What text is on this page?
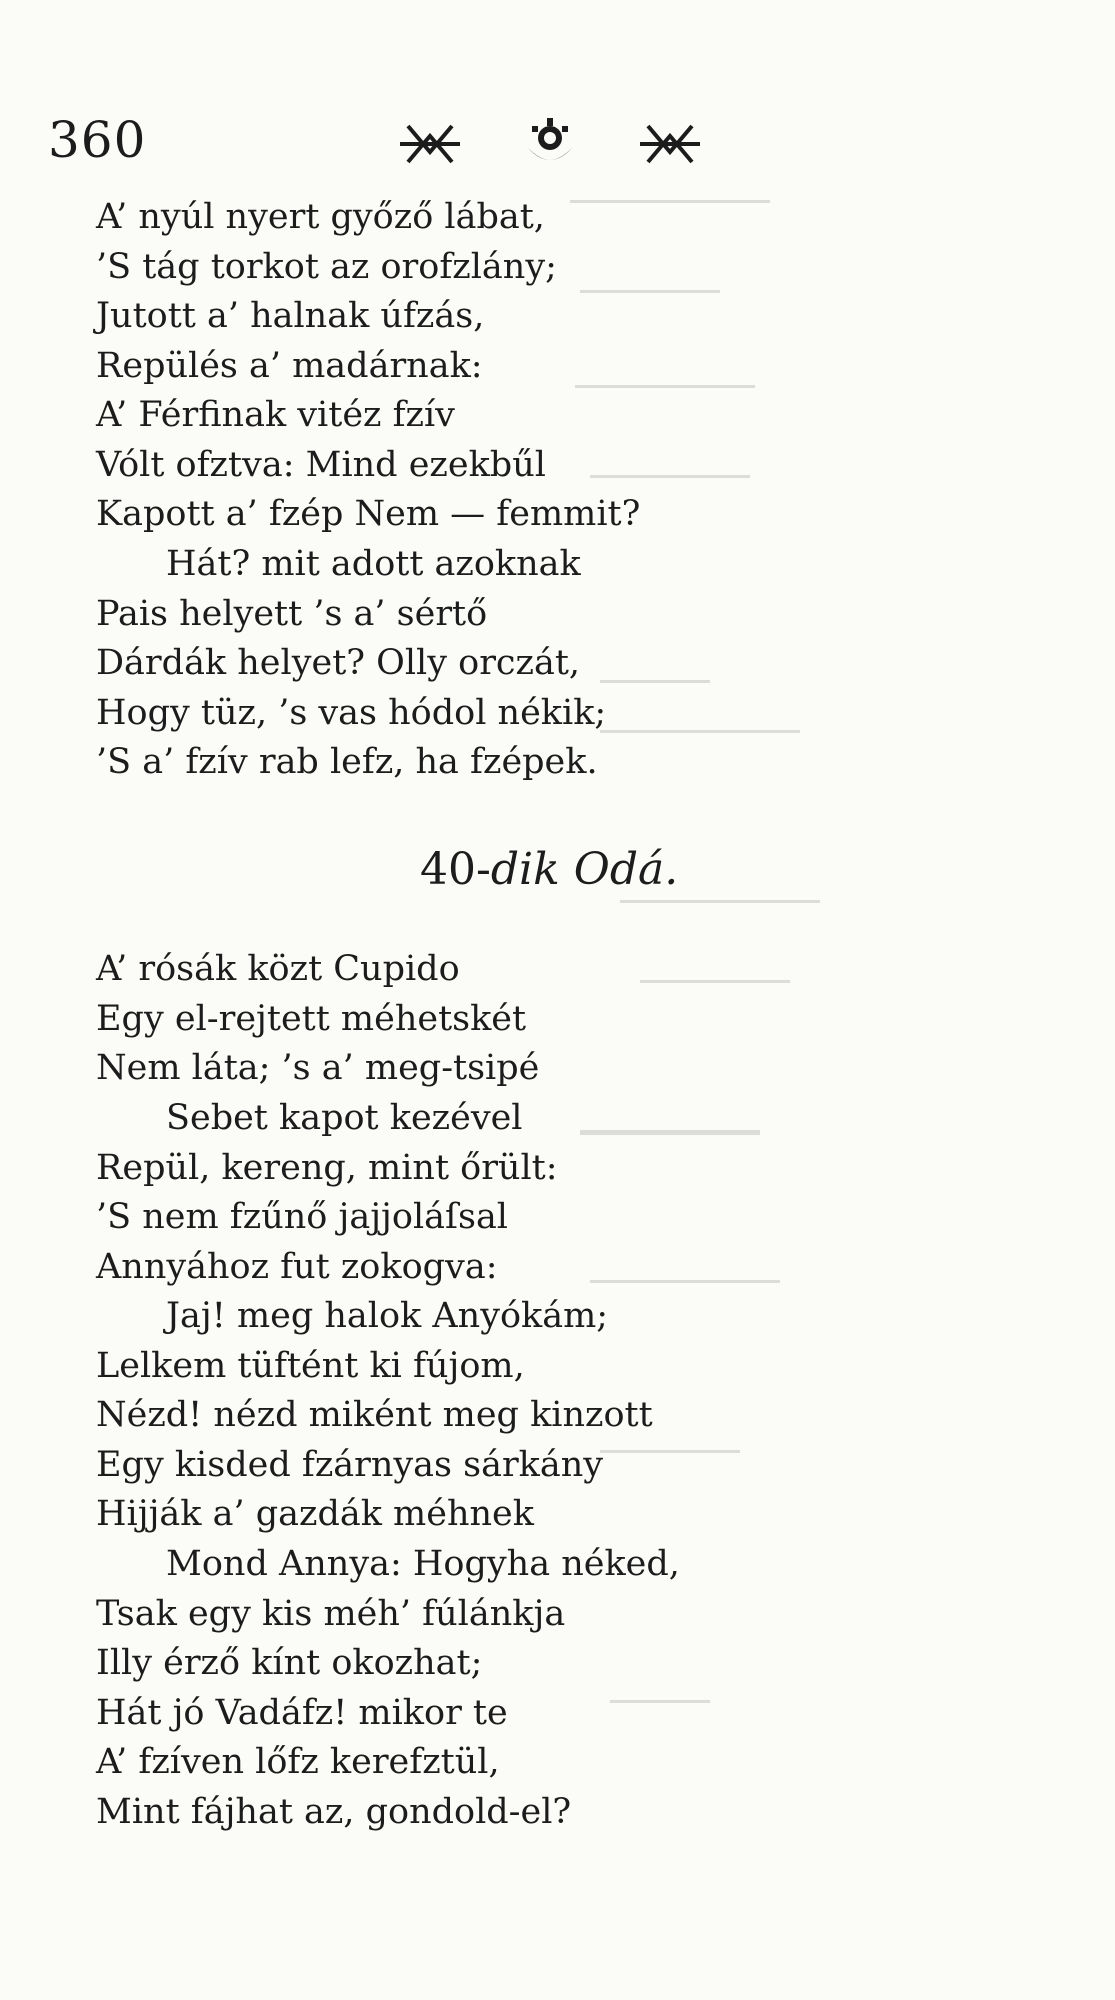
360
A’ nyúl nyert győző lábat,
’S tág torkot az orofzlány;
Jutott a’ halnak úfzás,
Repülés a’ madárnak:
A’ Férfinak vitéz fzív
Vólt ofztva: Mind ezekbűl
Kapott a’ fzép Nem — femmit?
Hát? mit adott azoknak
Pais helyett ’s a’ sértő
Dárdák helyet? Olly orczát,
Hogy tüz, ’s vas hódol nékik;
’S a’ fzív rab lefz, ha fzépek.
40-dik Odá.
A’ rósák közt Cupido
Egy el-rejtett méhetskét
Nem láta; ’s a’ meg-tsipé
Sebet kapot kezével
Repül, kereng, mint őrült:
’S nem fzűnő jajjoláſsal
Annyához fut zokogva:
Jaj! meg halok Anyókám;
Lelkem tüftént ki fújom,
Nézd! nézd miként meg kinzott
Egy kisded fzárnyas sárkány
Hijják a’ gazdák méhnek
Mond Annya: Hogyha néked,
Tsak egy kis méh’ fúlánkja
Illy érző kínt okozhat;
Hát jó Vadáfz! mikor te
A’ fzíven lőfz kerefztül,
Mint fájhat az, gondold-el?
